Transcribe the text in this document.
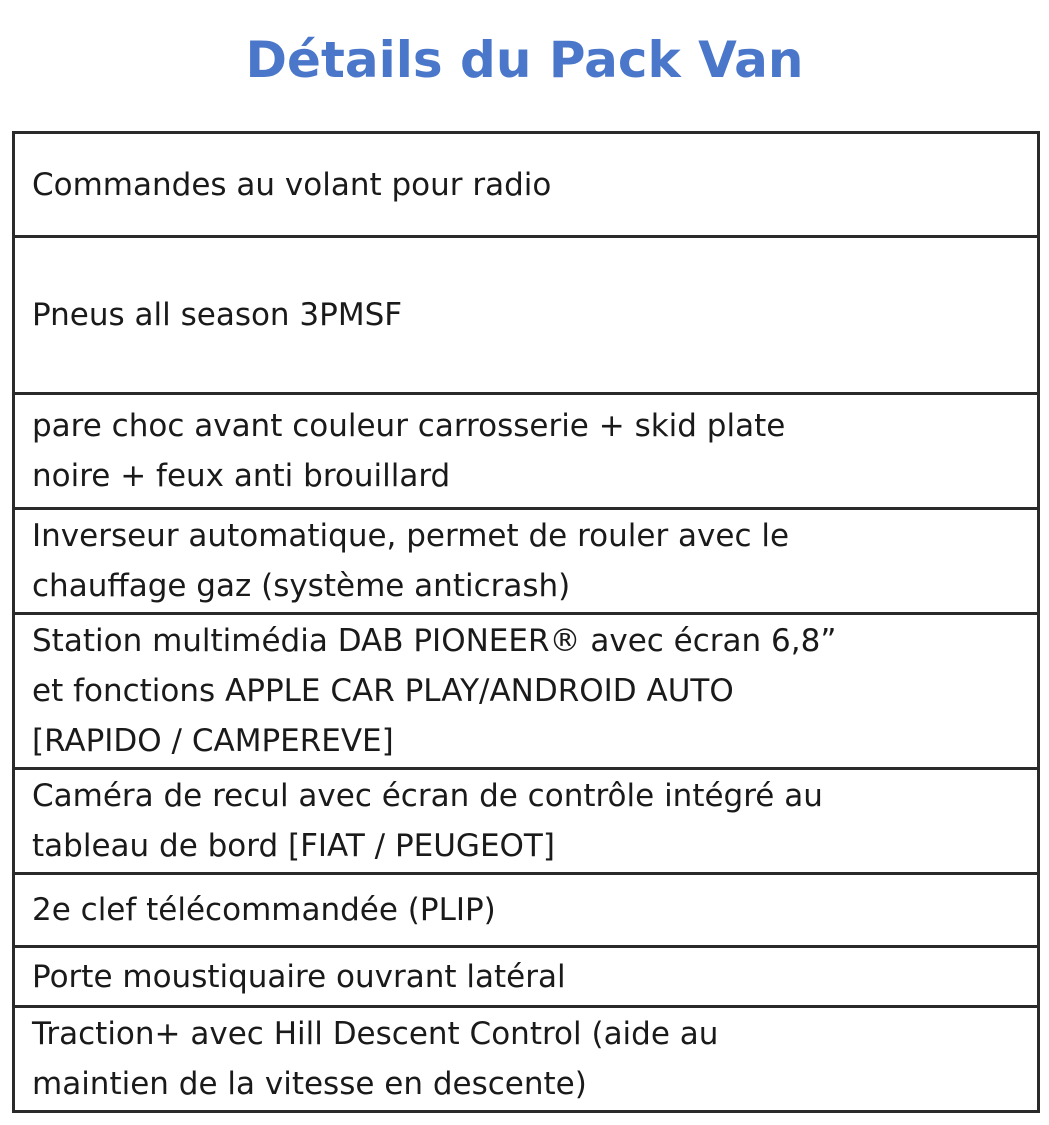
Détails du Pack Van
Commandes au volant pour radio
Pneus all season 3PMSF
pare choc avant couleur carrosserie + skid plate
noire + feux anti brouillard
Inverseur automatique, permet de rouler avec le
chauffage gaz (système anticrash)
Station multimédia DAB PIONEER® avec écran 6,8”
et fonctions APPLE CAR PLAY/ANDROID AUTO
[RAPIDO / CAMPEREVE]
Caméra de recul avec écran de contrôle intégré au
tableau de bord [FIAT / PEUGEOT]
2e clef télécommandée (PLIP)
Porte moustiquaire ouvrant latéral
Traction+ avec Hill Descent Control (aide au
maintien de la vitesse en descente)
